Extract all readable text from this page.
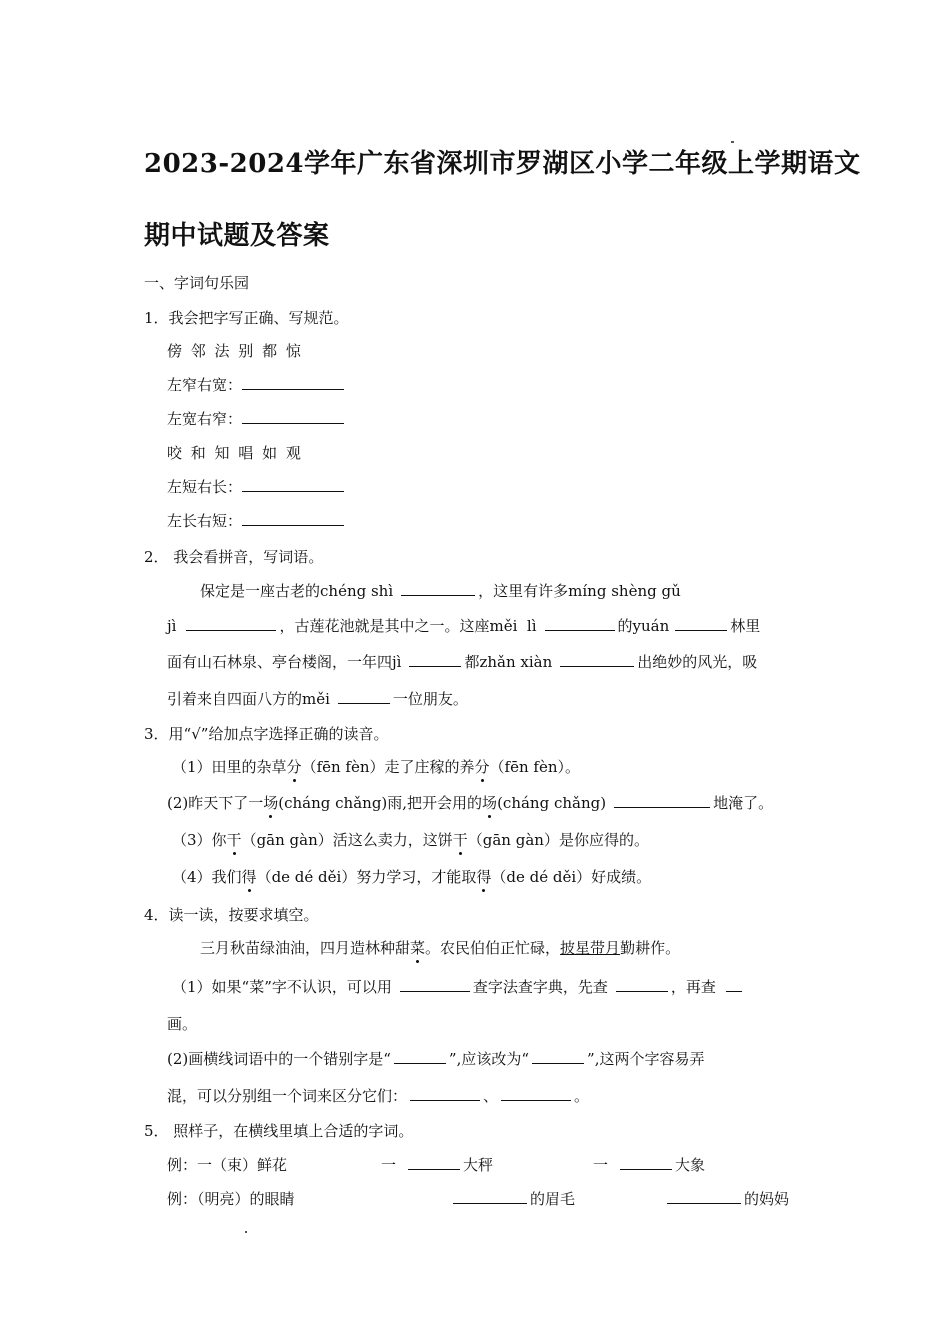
2023-2024学年广东省深圳市罗湖区小学二年级上学期语文
期中试题及答案
一、字词句乐园
1．我会把字写正确、写规范。
傍 邻 法 别 都 惊
左窄右宽：
左宽右窄：
咬 和 知 唱 如 观
左短右长：
左长右短：
2． 我会看拼音，写词语。
保定是一座古老的chéng shì	，这里有许多míng shèng gǔ
jì	，古莲花池就是其中之一。这座měi  lì	的yuán	林里
面有山石林泉、亭台楼阁，一年四jì	都zhǎn xiàn	出绝妙的风光，吸
引着来自四面八方的měi	一位朋友。
3．用“√”给加点字选择正确的读音。
（1）田里的杂草分（fēn fèn）走了庄稼的养分（fēn fèn）。
(2)昨天下了一场(cháng chǎng)雨,把开会用的场(cháng chǎng)	地淹了。
（3）你干（gān gàn）活这么卖力，这饼干（gān gàn）是你应得的。
（4）我们得（de dé děi）努力学习，才能取得（de dé děi）好成绩。
4．读一读，按要求填空。
三月秋苗绿油油，四月造林种甜菜。农民伯伯正忙碌，披星带月勤耕作。
（1）如果“菜”字不认识，可以用	查字法查字典，先查	，再查
画。
(2)画横线词语中的一个错别字是“	”,应该改为“	”,这两个字容易弄
混，可以分别组一个词来区分它们：	、	。
5． 照样子，在横线里填上合适的字词。
例：一（束）鲜花	一	大秤	一	大象
例：（明亮）的眼睛	的眉毛	的妈妈
